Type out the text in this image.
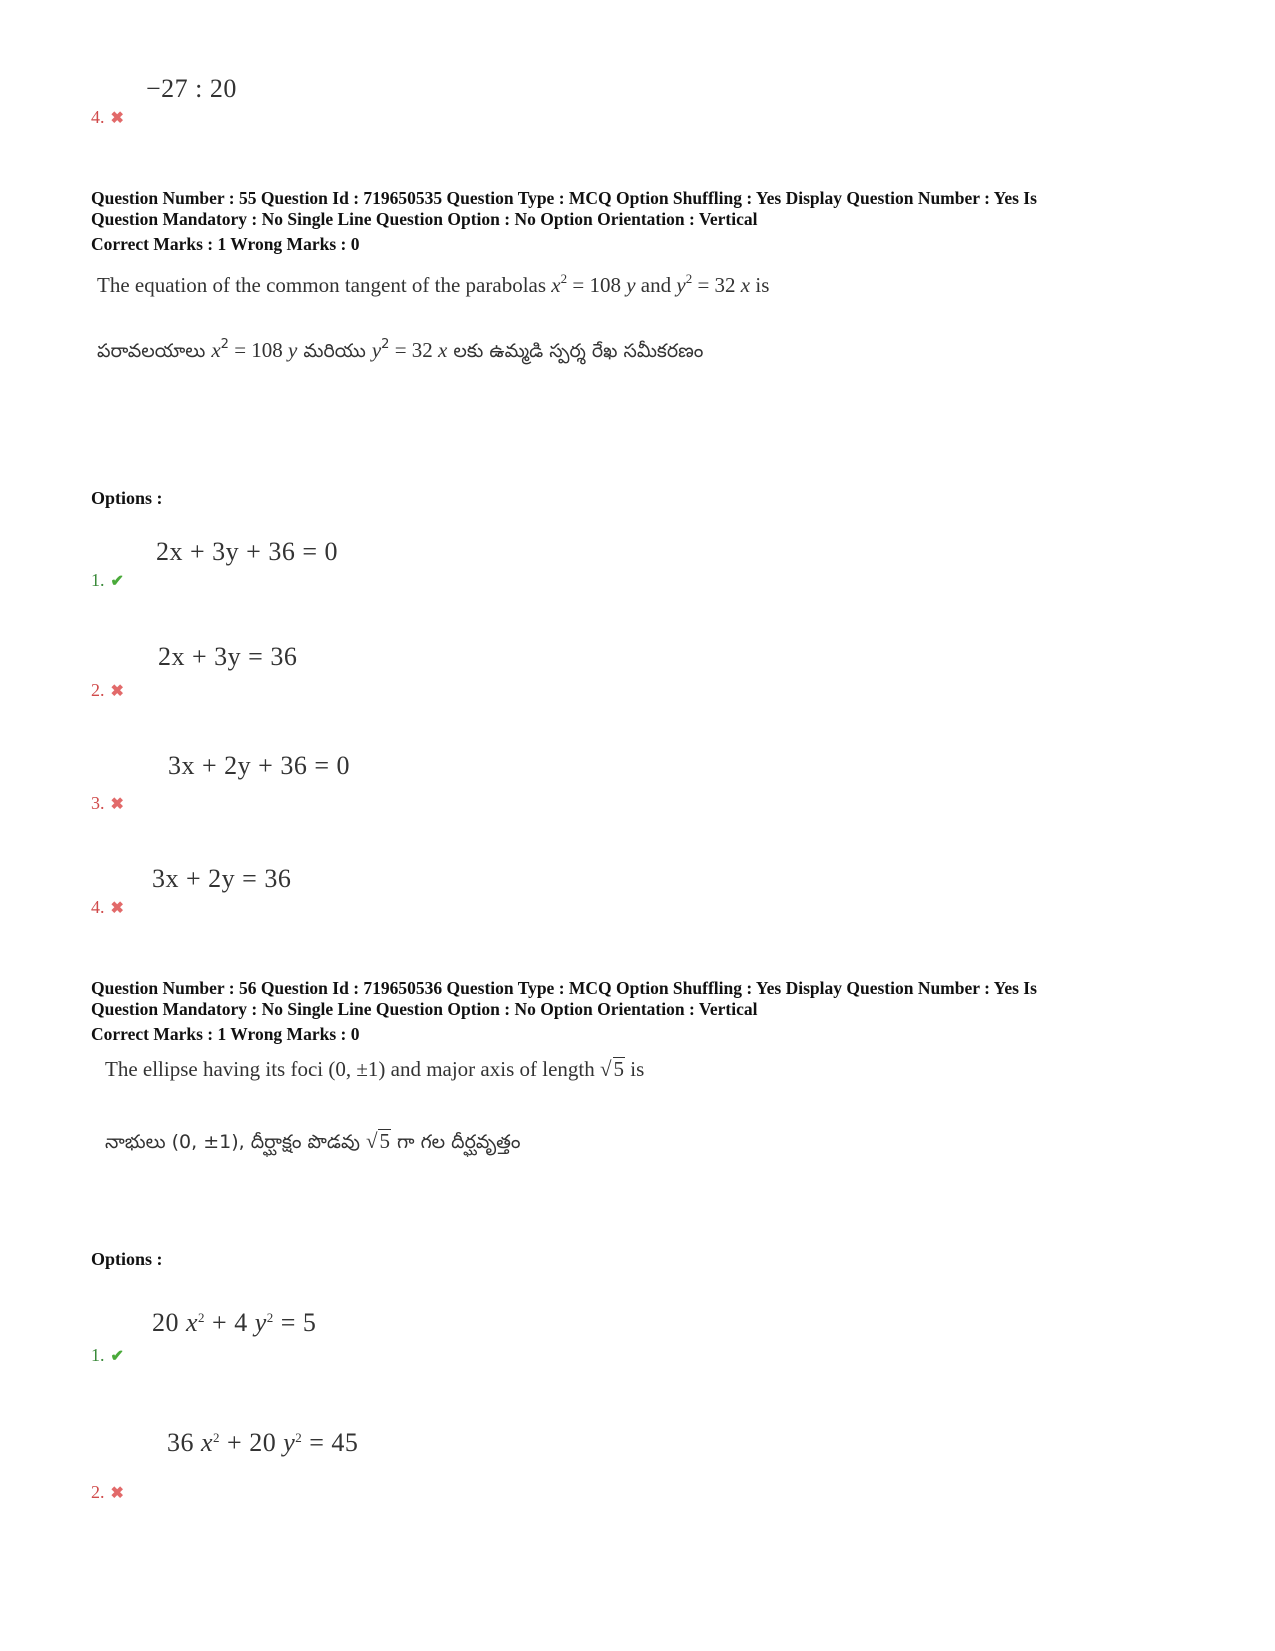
−27 : 20
4. ✖
Question Number : 55 Question Id : 719650535 Question Type : MCQ Option Shuffling : Yes Display Question Number : Yes Is
Question Mandatory : No Single Line Question Option : No Option Orientation : Vertical
Correct Marks : 1 Wrong Marks : 0
The equation of the common tangent of the parabolas $x^2 = 108$ y and $y^2 = 32$ x is
పరావలయాలు $x^2 = 108$ y మరియు $y^2 = 32$ x లకు ఉమ్మడి స్పర్శ రేఖ సమీకరణం
Options :
2x + 3y + 36 = 0
1. ✔
2x + 3y = 36
2. ✖
3x + 2y + 36 = 0
3. ✖
3x + 2y = 36
4. ✖
Question Number : 56 Question Id : 719650536 Question Type : MCQ Option Shuffling : Yes Display Question Number : Yes Is
Question Mandatory : No Single Line Question Option : No Option Orientation : Vertical
Correct Marks : 1 Wrong Marks : 0
The ellipse having its foci (0, ±1) and major axis of length √5 is
నాభులు (0, ±1), దీర్ఘాక్షం పొడవు √5 గా గల దీర్ఘవృత్తం
Options :
20 $x^2 + 4$ $y^2 = 5$
1. ✔
36 $x^2 + 20$ $y^2 = 45$
2. ✖
